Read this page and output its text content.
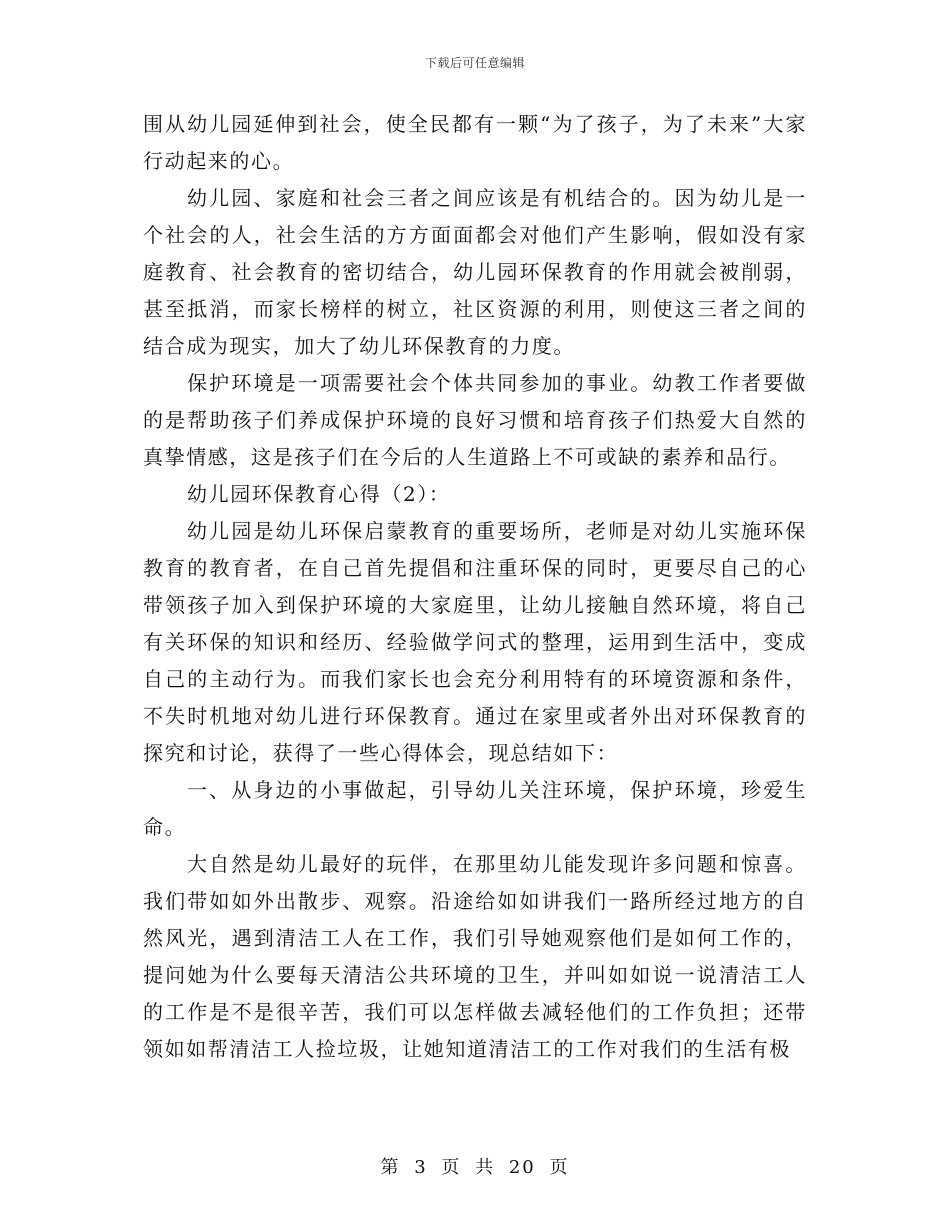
下载后可任意编辑

围从幼儿园延伸到社会，使全民都有一颗“为了孩子，为了未来”大家行动起来的心。

幼儿园、家庭和社会三者之间应该是有机结合的。因为幼儿是一个社会的人，社会生活的方方面面都会对他们产生影响，假如没有家庭教育、社会教育的密切结合，幼儿园环保教育的作用就会被削弱，甚至抵消，而家长榜样的树立，社区资源的利用，则使这三者之间的结合成为现实，加大了幼儿环保教育的力度。

保护环境是一项需要社会个体共同参加的事业。幼教工作者要做的是帮助孩子们养成保护环境的良好习惯和培育孩子们热爱大自然的真挚情感，这是孩子们在今后的人生道路上不可或缺的素养和品行。

幼儿园环保教育心得（2）：

幼儿园是幼儿环保启蒙教育的重要场所，老师是对幼儿实施环保教育的教育者，在自己首先提倡和注重环保的同时，更要尽自己的心带领孩子加入到保护环境的大家庭里，让幼儿接触自然环境，将自己有关环保的知识和经历、经验做学问式的整理，运用到生活中，变成自己的主动行为。而我们家长也会充分利用特有的环境资源和条件，不失时机地对幼儿进行环保教育。通过在家里或者外出对环保教育的探究和讨论，获得了一些心得体会，现总结如下：

一、从身边的小事做起，引导幼儿关注环境，保护环境，珍爱生命。

大自然是幼儿最好的玩伴，在那里幼儿能发现许多问题和惊喜。我们带如如外出散步、观察。沿途给如如讲我们一路所经过地方的自然风光，遇到清洁工人在工作，我们引导她观察他们是如何工作的，提问她为什么要每天清洁公共环境的卫生，并叫如如说一说清洁工人的工作是不是很辛苦，我们可以怎样做去减轻他们的工作负担；还带领如如帮清洁工人捡垃圾，让她知道清洁工的工作对我们的生活有极

第 3 页 共 20 页
